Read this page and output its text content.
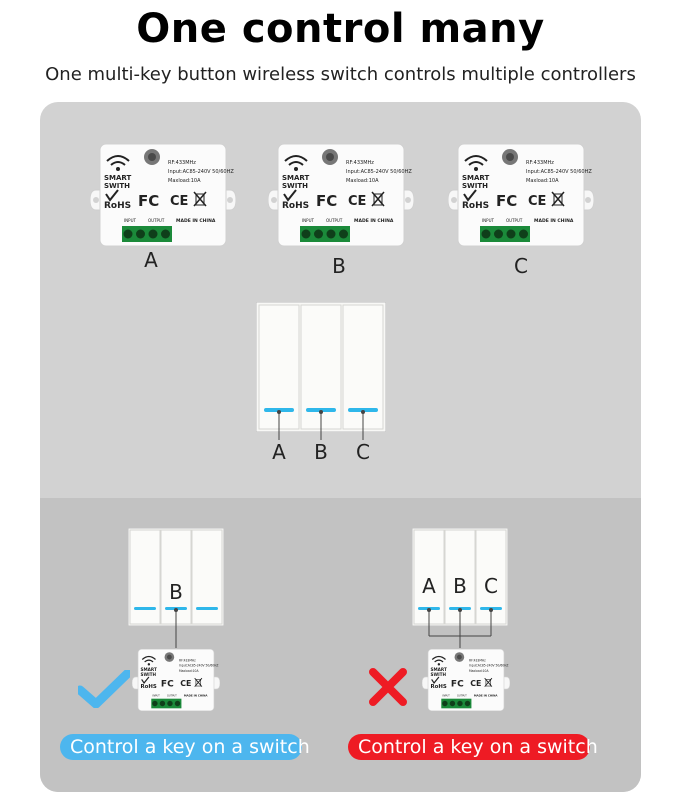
One control many
One multi-key button wireless switch controls multiple controllers
SMART
SWITH
RF:433MHz
Input:AC85-240V 50/60HZ
Maxload:10A
RoHS FC CE
INPUT	OUTPUT	MADE IN CHINA
A
SMART
SWITH
RF:433MHz
Input:AC85-240V 50/60HZ
Maxload:10A
RoHS FC CE
INPUT	OUTPUT	MADE IN CHINA
B
SMART
SWITH
RF:433MHz
Input:AC85-240V 50/60HZ
Maxload:10A
RoHS FC CE
INPUT	OUTPUT	MADE IN CHINA
C
A	B	C
B
SMART
SWITH
RF:433MHz
Input:AC85-240V 50/60HZ
Maxload:10A
RoHS FC CE
INPUT OUTPUT MADE IN CHINA
Control a key on a switch
A B C
SMART
SWITH
RF:433MHz
Input:AC85-240V 50/60HZ
Maxload:10A
RoHS FC CE
INPUT OUTPUT MADE IN CHINA
Control a key on a switch
